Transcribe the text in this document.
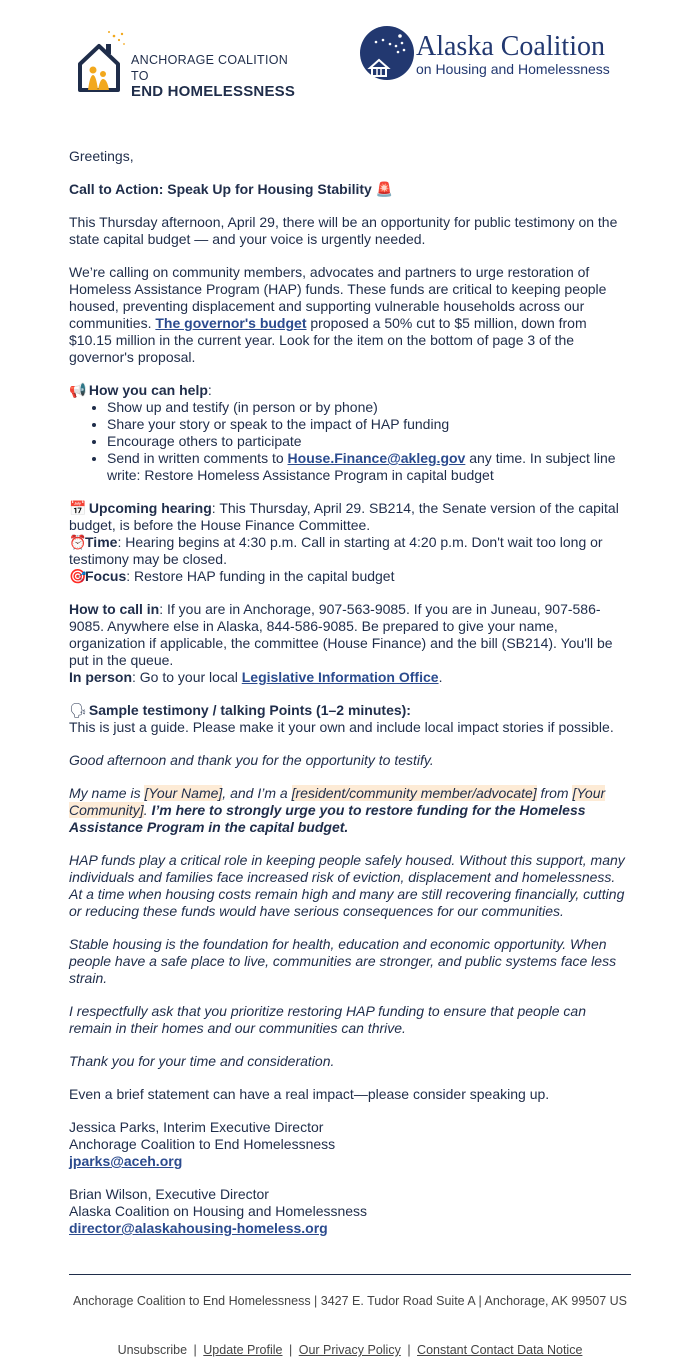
ANCHORAGE COALITION TO
END HOMELESSNESS
Alaska Coalition
on Housing and Homelessness

Greetings,

Call to Action: Speak Up for Housing Stability 🚨

This Thursday afternoon, April 29, there will be an opportunity for public testimony on the state capital budget — and your voice is urgently needed.

We’re calling on community members, advocates and partners to urge restoration of Homeless Assistance Program (HAP) funds. These funds are critical to keeping people housed, preventing displacement and supporting vulnerable households across our communities. The governor's budget proposed a 50% cut to $5 million, down from $10.15 million in the current year. Look for the item on the bottom of page 3 of the governor's proposal.

📢 How you can help:
• Show up and testify (in person or by phone)
• Share your story or speak to the impact of HAP funding
• Encourage others to participate
• Send in written comments to House.Finance@akleg.gov any time. In subject line write: Restore Homeless Assistance Program in capital budget

📅 Upcoming hearing: This Thursday, April 29. SB214, the Senate version of the capital budget, is before the House Finance Committee.
⏰Time: Hearing begins at 4:30 p.m. Call in starting at 4:20 p.m. Don't wait too long or testimony may be closed.
🎯Focus: Restore HAP funding in the capital budget

How to call in: If you are in Anchorage, 907-563-9085. If you are in Juneau, 907-586-9085. Anywhere else in Alaska, 844-586-9085. Be prepared to give your name, organization if applicable, the committee (House Finance) and the bill (SB214). You'll be put in the queue.
In person: Go to your local Legislative Information Office.

🗣 Sample testimony / talking Points (1–2 minutes):
This is just a guide. Please make it your own and include local impact stories if possible.

Good afternoon and thank you for the opportunity to testify.

My name is [Your Name], and I’m a [resident/community member/advocate] from [Your Community]. I’m here to strongly urge you to restore funding for the Homeless Assistance Program in the capital budget.

HAP funds play a critical role in keeping people safely housed. Without this support, many individuals and families face increased risk of eviction, displacement and homelessness. At a time when housing costs remain high and many are still recovering financially, cutting or reducing these funds would have serious consequences for our communities.

Stable housing is the foundation for health, education and economic opportunity. When people have a safe place to live, communities are stronger, and public systems face less strain.

I respectfully ask that you prioritize restoring HAP funding to ensure that people can remain in their homes and our communities can thrive.

Thank you for your time and consideration.

Even a brief statement can have a real impact—please consider speaking up.

Jessica Parks, Interim Executive Director
Anchorage Coalition to End Homelessness
jparks@aceh.org

Brian Wilson, Executive Director
Alaska Coalition on Housing and Homelessness
director@alaskahousing-homeless.org

Anchorage Coalition to End Homelessness | 3427 E. Tudor Road Suite A | Anchorage, AK 99507 US
Unsubscribe | Update Profile | Our Privacy Policy | Constant Contact Data Notice
